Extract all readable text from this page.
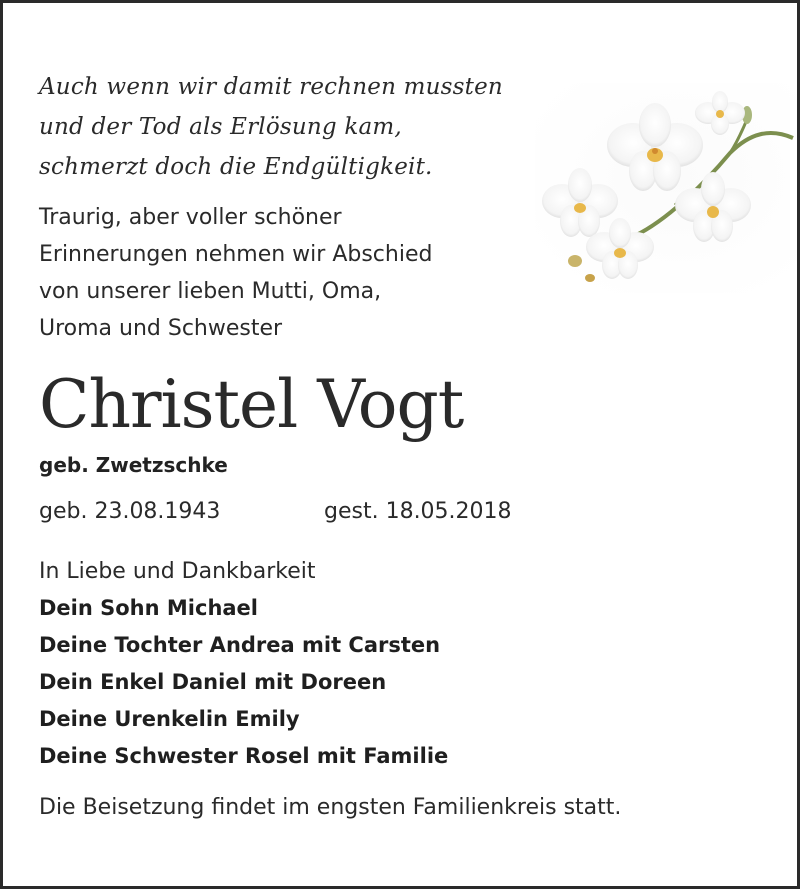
Auch wenn wir damit rechnen mussten
und der Tod als Erlösung kam,
schmerzt doch die Endgültigkeit.
Traurig, aber voller schöner
Erinnerungen nehmen wir Abschied
von unserer lieben Mutti, Oma,
Uroma und Schwester
Christel Vogt
geb. Zwetzschke
geb. 23.08.1943	gest. 18.05.2018
In Liebe und Dankbarkeit
Dein Sohn Michael
Deine Tochter Andrea mit Carsten
Dein Enkel Daniel mit Doreen
Deine Urenkelin Emily
Deine Schwester Rosel mit Familie
Die Beisetzung findet im engsten Familienkreis statt.
